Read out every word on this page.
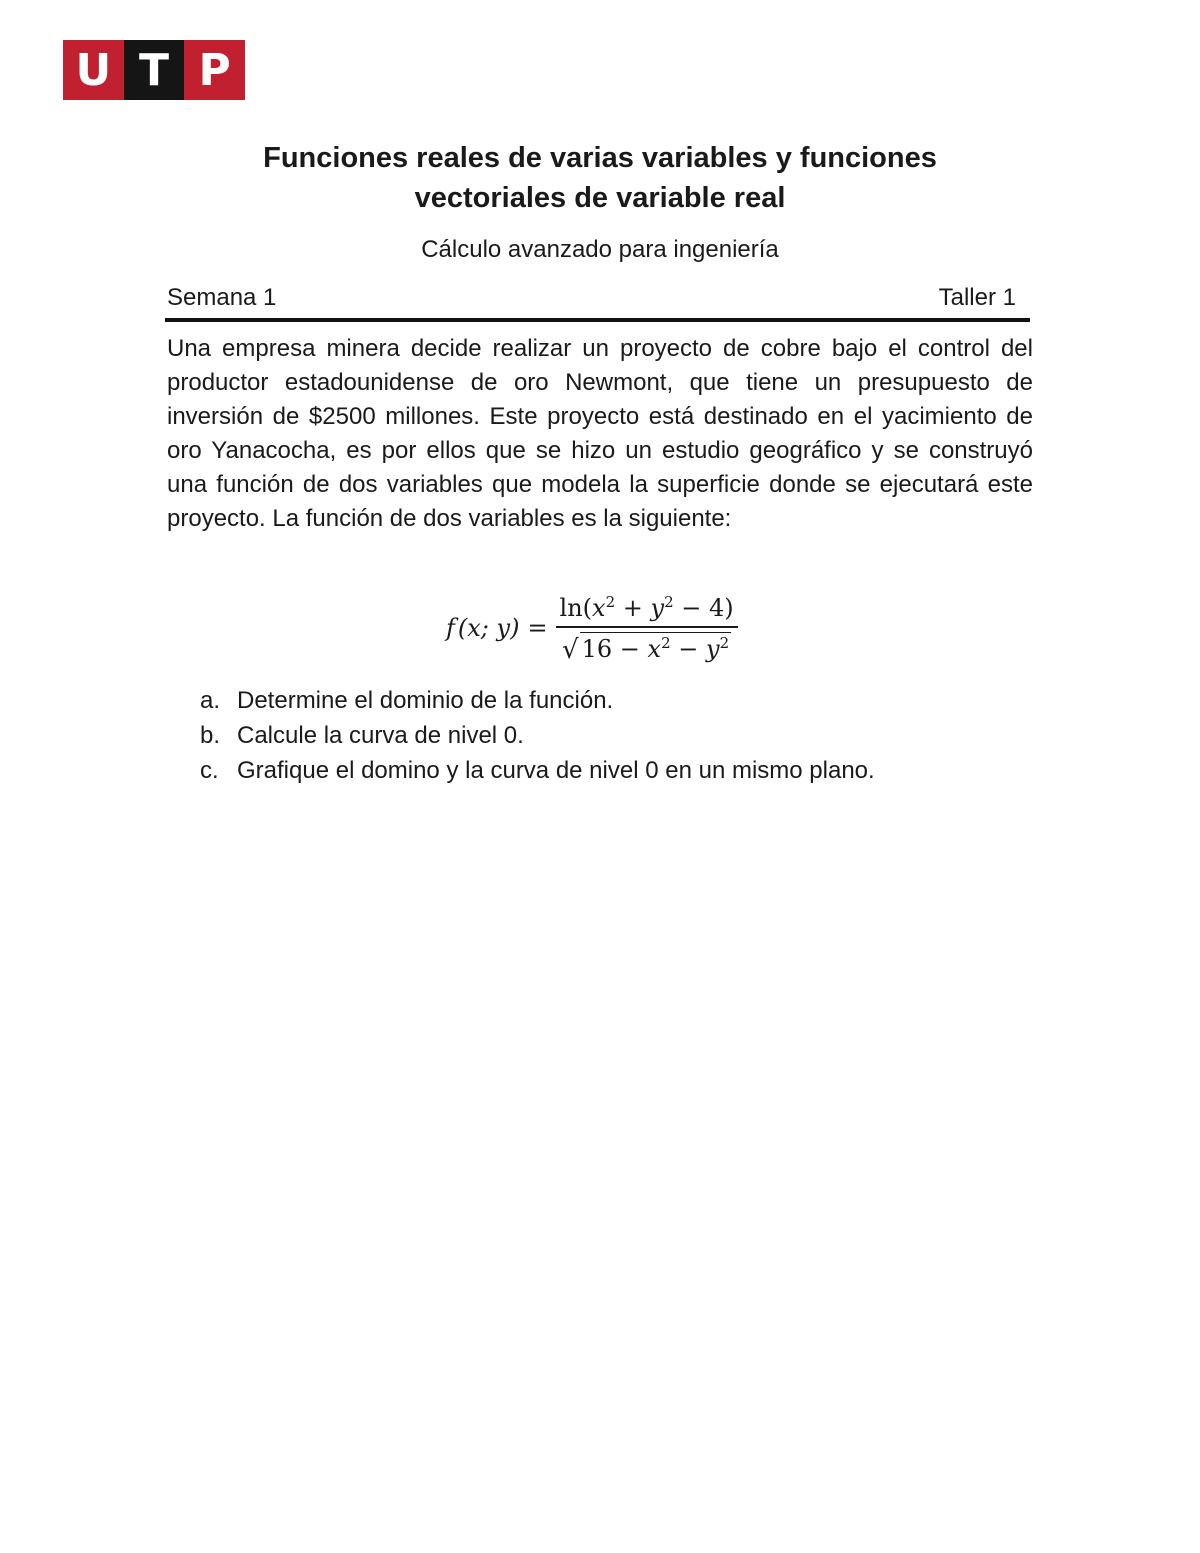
U T P
Funciones reales de varias variables y funciones
vectoriales de variable real
Cálculo avanzado para ingeniería
Semana 1	Taller 1

Una empresa minera decide realizar un proyecto de cobre bajo el control del productor estadounidense de oro Newmont, que tiene un presupuesto de inversión de $2500 millones. Este proyecto está destinado en el yacimiento de oro Yanacocha, es por ellos que se hizo un estudio geográfico y se construyó una función de dos variables que modela la superficie donde se ejecutará este proyecto. La función de dos variables es la siguiente:

f (x; $y) = \frac{\ln(x^2 + y^2 - 4)}{√ 16 - x^2 - y^2}$
a. Determine el dominio de la función.
b. Calcule la curva de nivel 0.
c. Grafique el domino y la curva de nivel 0 en un mismo plano.
